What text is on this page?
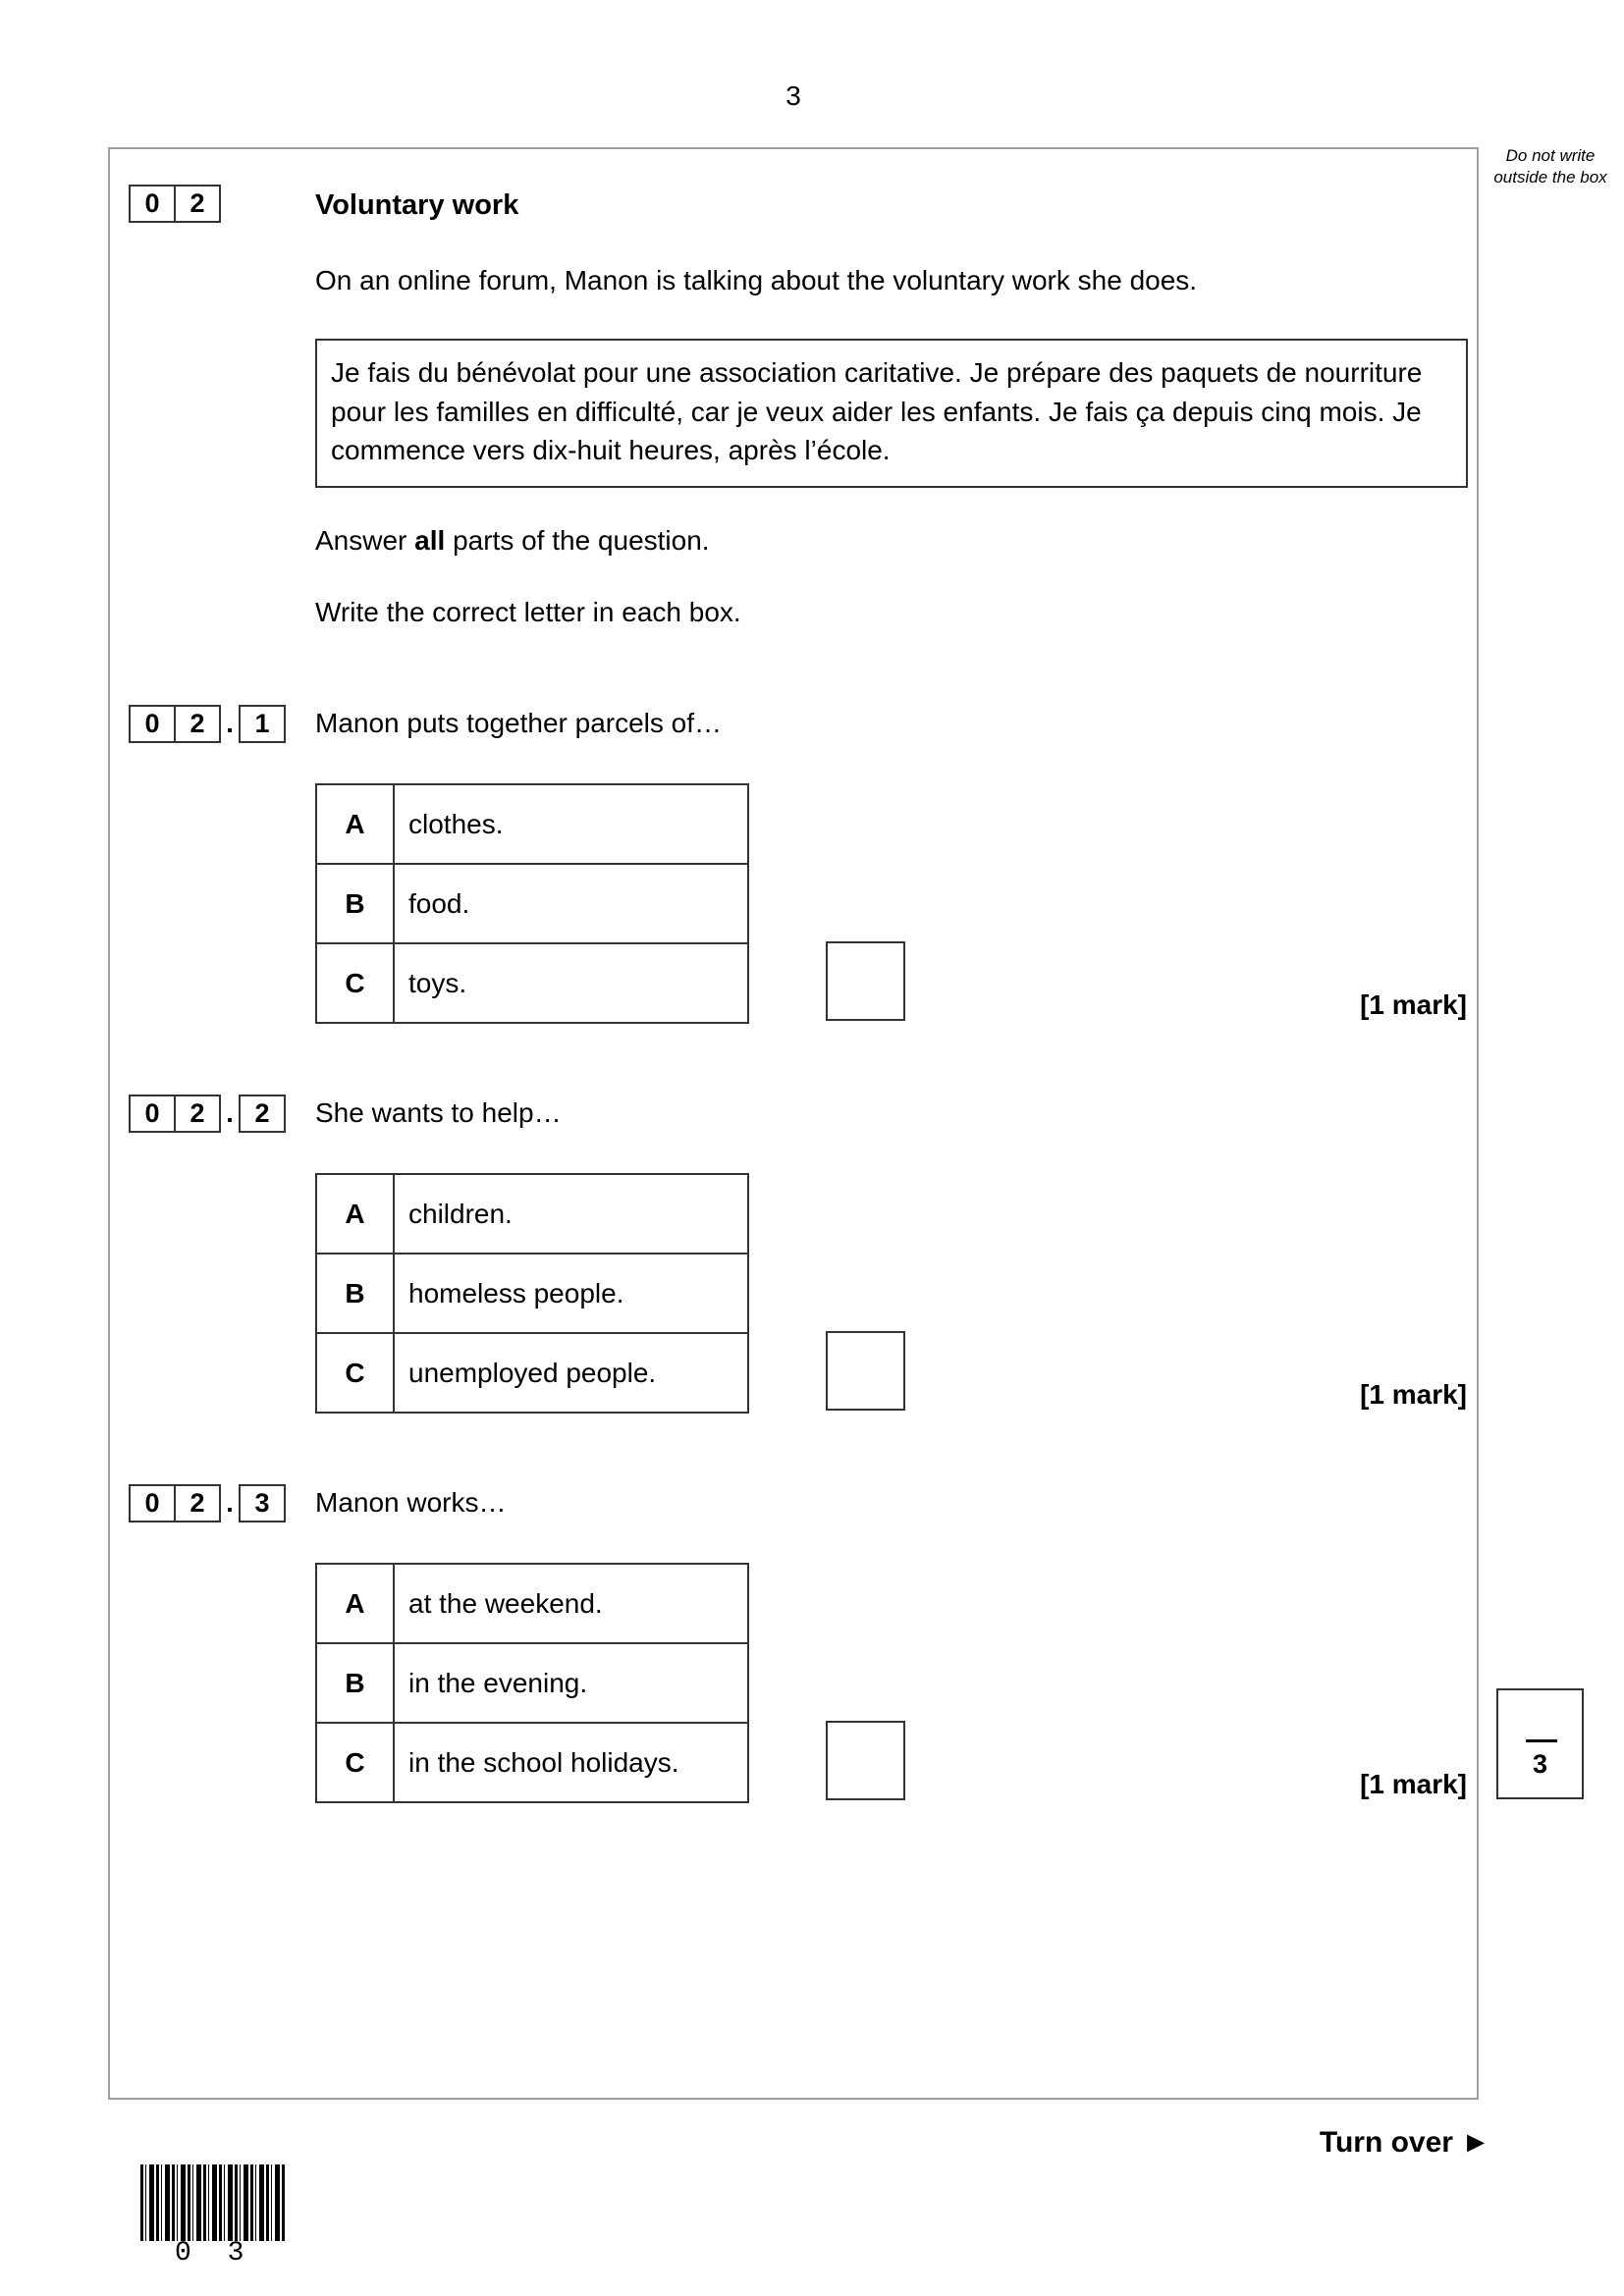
3
Do not write outside the box
0	2	Voluntary work
On an online forum, Manon is talking about the voluntary work she does.
Je fais du bénévolat pour une association caritative. Je prépare des paquets de nourriture pour les familles en difficulté, car je veux aider les enfants. Je fais ça depuis cinq mois. Je commence vers dix-huit heures, après l’école.
Answer all parts of the question.
Write the correct letter in each box.
0	2 . 1	Manon puts together parcels of…
A	clothes.
B	food.
C	toys.
[1 mark]
0	2 . 2	She wants to help…
A	children.
B	homeless people.
C	unemployed people.
[1 mark]
0	2 . 3	Manon works…
A	at the weekend.
B	in the evening.
C	in the school holidays.
[1 mark]
3
Turn over ►
0 3
